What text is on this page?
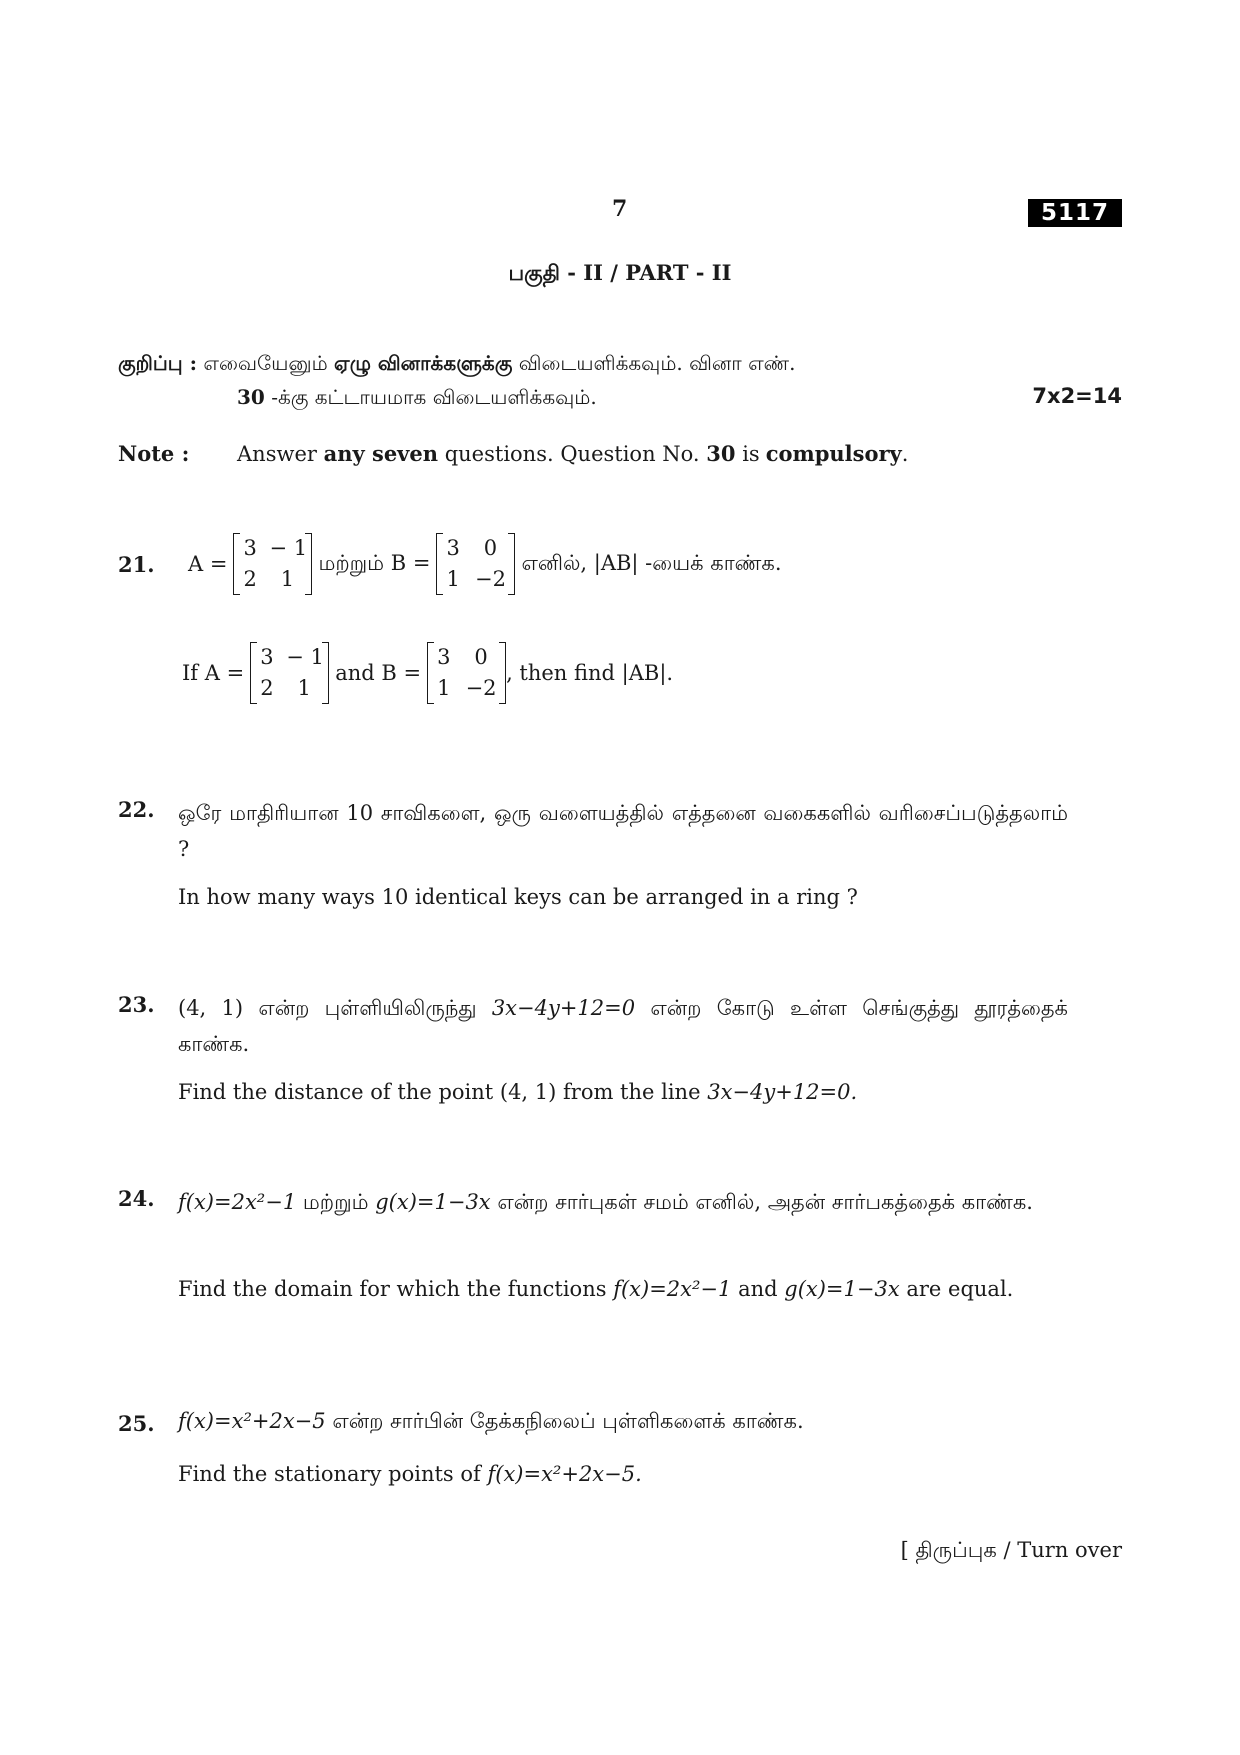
7	5117
பகுதி - II / PART - II
குறிப்பு : எவையேனும் ஏழு வினாக்களுக்கு விடையளிக்கவும். வினா எண்.
30 -க்கு கட்டாயமாக விடையளிக்கவும்.	7x2=14
Note : Answer any seven questions. Question No. 30 is compulsory.
21. A =
3 − 1
2	1
மற்றும் B =
3	0
1 −2
எனில், |AB| -யைக் காண்க.
If A =
3 − 1
2	1
and B =
3	0
1 −2
, then find |AB|.
22. ஒரே மாதிரியான 10 சாவிகளை, ஒரு வளையத்தில் எத்தனை வகைகளில் வரிசைப்படுத்தலாம் ?
In how many ways 10 identical keys can be arranged in a ring ?
23. (4, 1) என்ற புள்ளியிலிருந்து 3x−4y+12=0 என்ற கோடு உள்ள செங்குத்து தூரத்தைக் காண்க.
Find the distance of the point (4, 1) from the line 3x−4y+12=0.
24. f(x)=2x²−1 மற்றும் g(x)=1−3x என்ற சார்புகள் சமம் எனில், அதன் சார்பகத்தைக் காண்க.
Find the domain for which the functions f(x)=2x²−1 and g(x)=1−3x are equal.
25. f(x)=x²+2x−5 என்ற சார்பின் தேக்கநிலைப் புள்ளிகளைக் காண்க.
Find the stationary points of f(x)=x²+2x−5.
[ திருப்புக / Turn over
